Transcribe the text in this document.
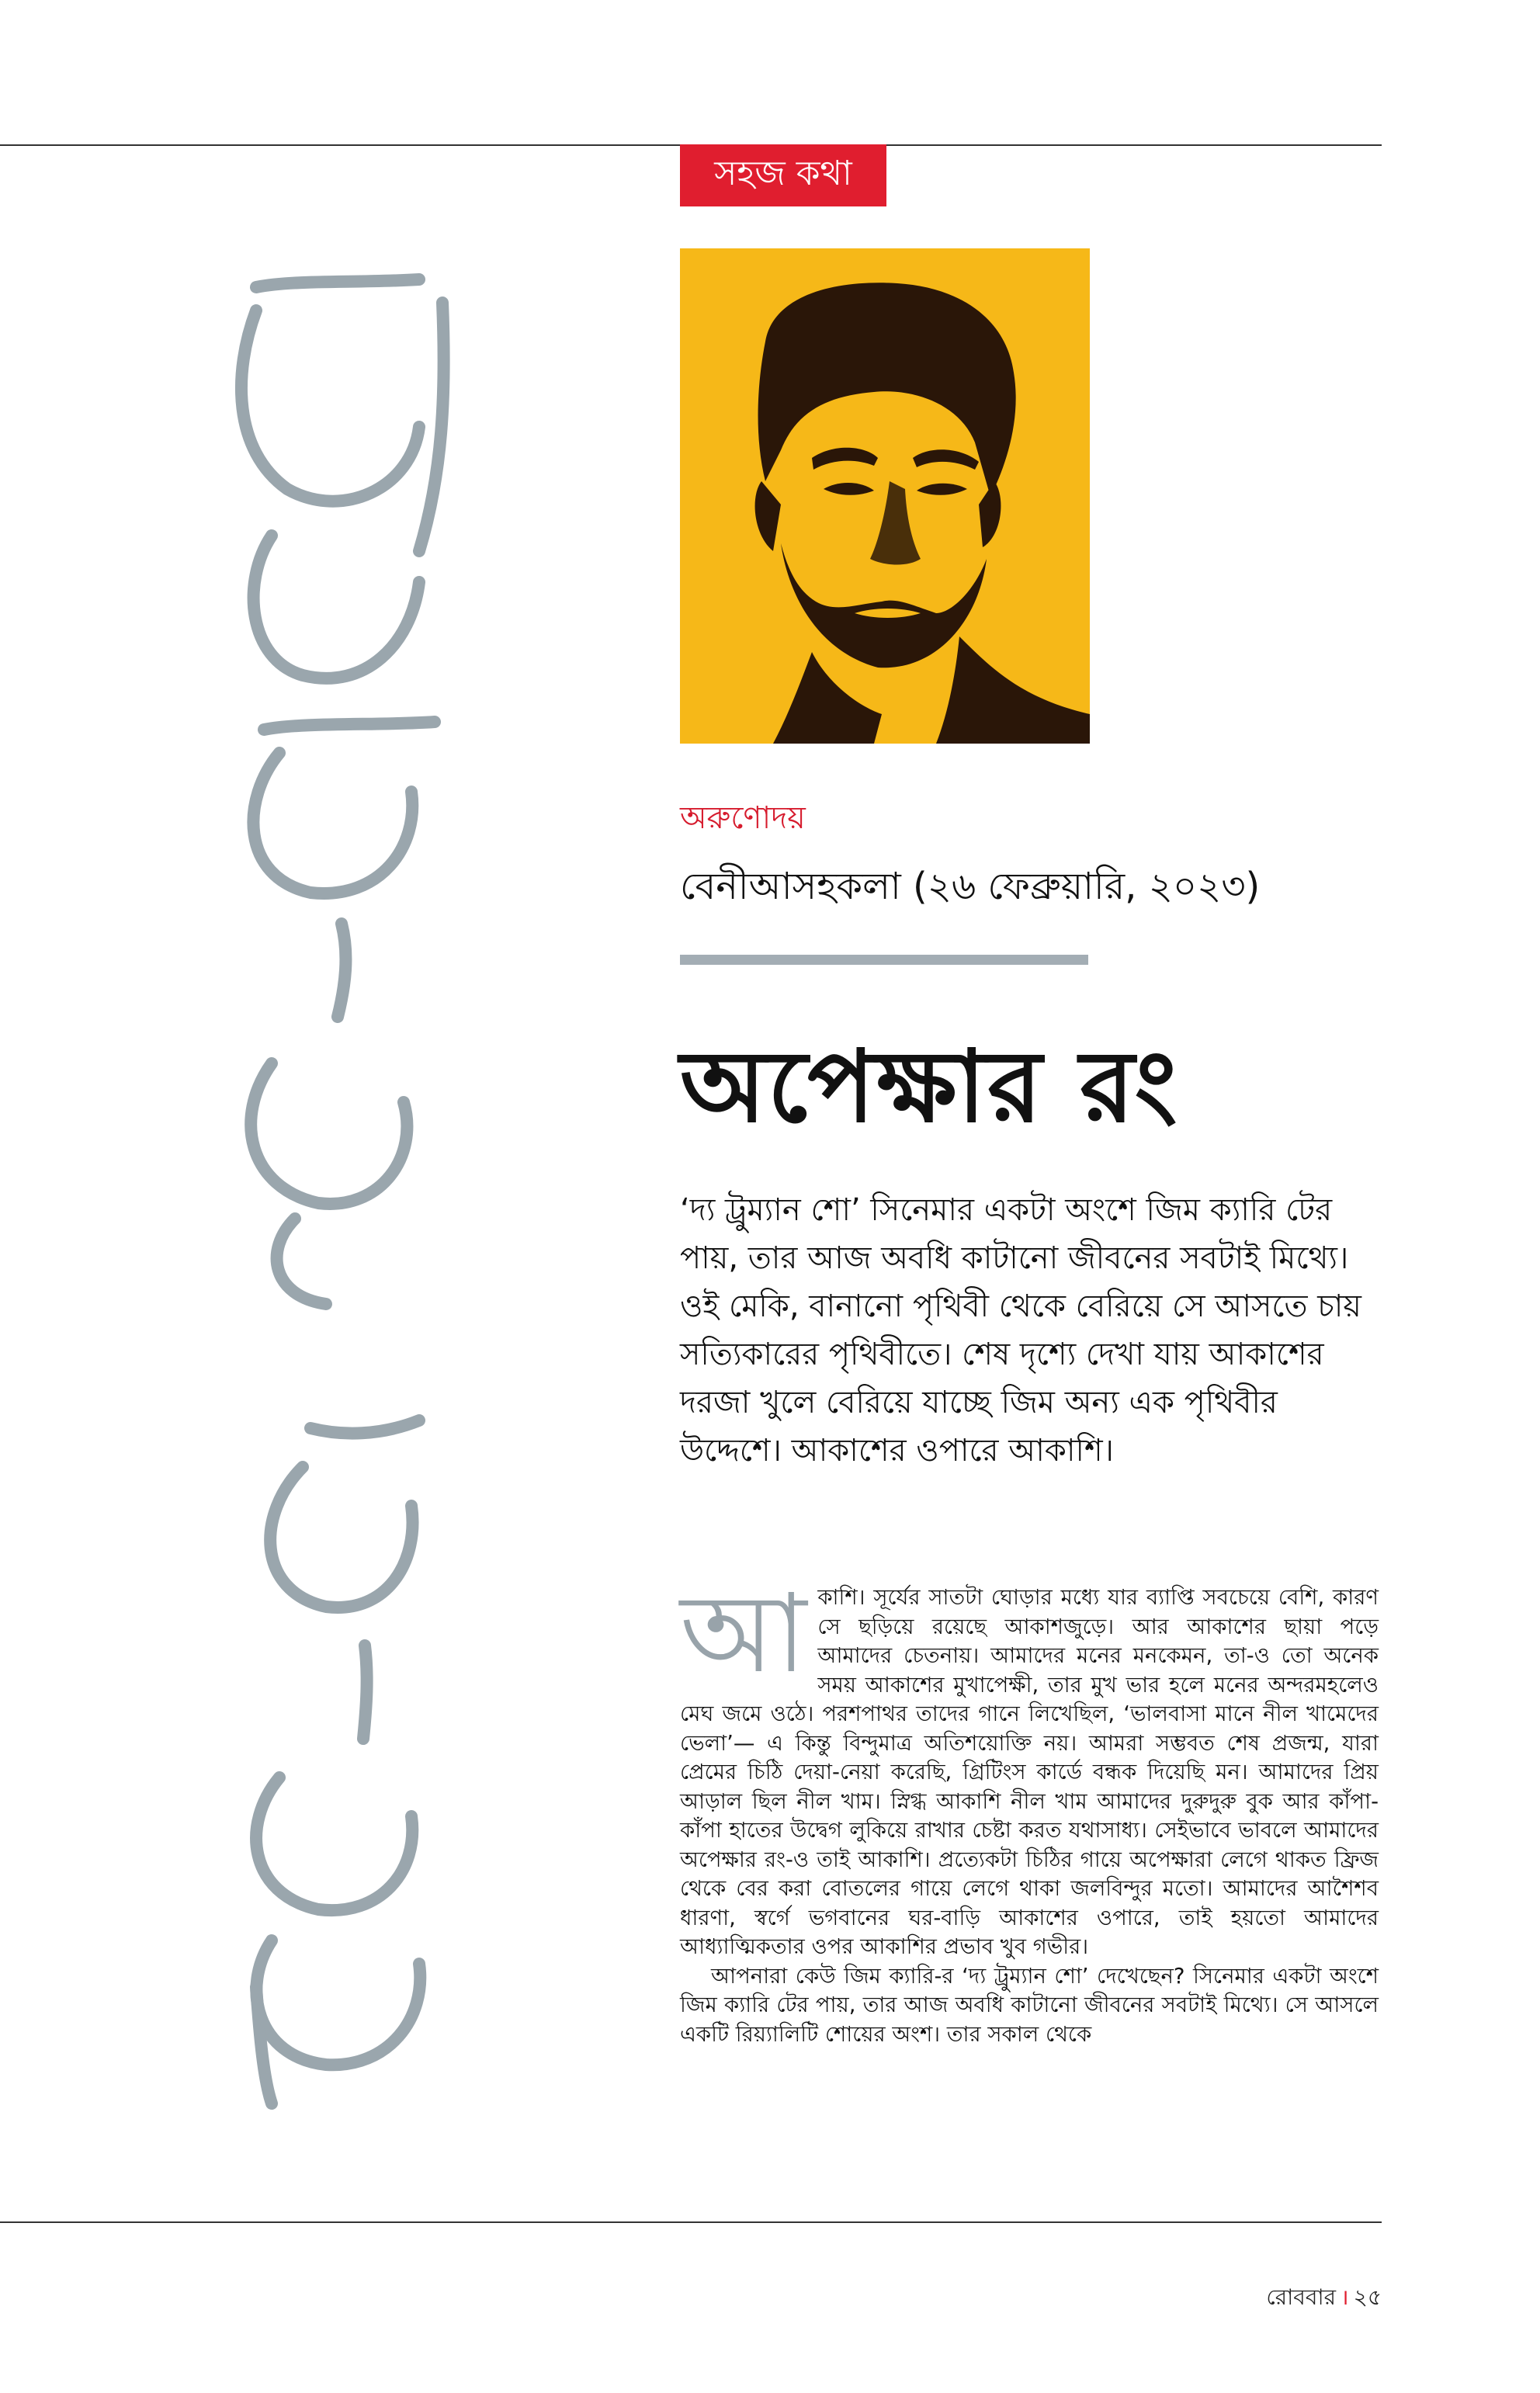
সহজ কথা
অরুণোদয়
বেনীআসহকলা (২৬ ফেব্রুয়ারি, ২০২৩)
অপেক্ষার রং
‘দ্য ট্রুম্যান শো’ সিনেমার একটা অংশে জিম ক্যারি টের পায়, তার আজ অবধি কাটানো জীবনের সবটাই মিথ্যে। ওই মেকি, বানানো পৃথিবী থেকে বেরিয়ে সে আসতে চায় সত্যিকারের পৃথিবীতে। শেষ দৃশ্যে দেখা যায় আকাশের দরজা খুলে বেরিয়ে যাচ্ছে জিম অন্য এক পৃথিবীর উদ্দেশে। আকাশের ওপারে আকাশি।
আ কাশি। সূর্যের সাতটা ঘোড়ার মধ্যে যার ব্যাপ্তি সবচেয়ে বেশি, কারণ সে ছড়িয়ে রয়েছে আকাশজুড়ে। আর আকাশের ছায়া পড়ে আমাদের চেতনায়। আমাদের মনের মনকেমন, তা-ও তো অনেক সময় আকাশের মুখাপেক্ষী, তার মুখ ভার হলে মনের অন্দরমহলেও মেঘ জমে ওঠে। পরশপাথর তাদের গানে লিখেছিল, ‘ভালবাসা মানে নীল খামেদের ভেলা’— এ কিন্তু বিন্দুমাত্র অতিশয়োক্তি নয়। আমরা সম্ভবত শেষ প্রজন্ম, যারা প্রেমের চিঠি দেয়া-নেয়া করেছি, গ্রিটিংস কার্ডে বন্ধক দিয়েছি মন। আমাদের প্রিয় আড়াল ছিল নীল খাম। স্নিগ্ধ আকাশি নীল খাম আমাদের দুরুদুরু বুক আর কাঁপা-কাঁপা হাতের উদ্বেগ লুকিয়ে রাখার চেষ্টা করত যথাসাধ্য। সেইভাবে ভাবলে আমাদের অপেক্ষার রং-ও তাই আকাশি। প্রত্যেকটা চিঠির গায়ে অপেক্ষারা লেগে থাকত ফ্রিজ থেকে বের করা বোতলের গায়ে লেগে থাকা জলবিন্দুর মতো। আমাদের আশৈশব ধারণা, স্বর্গে ভগবানের ঘর-বাড়ি আকাশের ওপারে, তাই হয়তো আমাদের আধ্যাত্মিকতার ওপর আকাশির প্রভাব খুব গভীর।

আপনারা কেউ জিম ক্যারি-র ‘দ্য ট্রুম্যান শো’ দেখেছেন? সিনেমার একটা অংশে জিম ক্যারি টের পায়, তার আজ অবধি কাটানো জীবনের সবটাই মিথ্যে। সে আসলে একটি রিয়্যালিটি শোয়ের অংশ। তার সকাল থেকে

রোববার । ২৫
